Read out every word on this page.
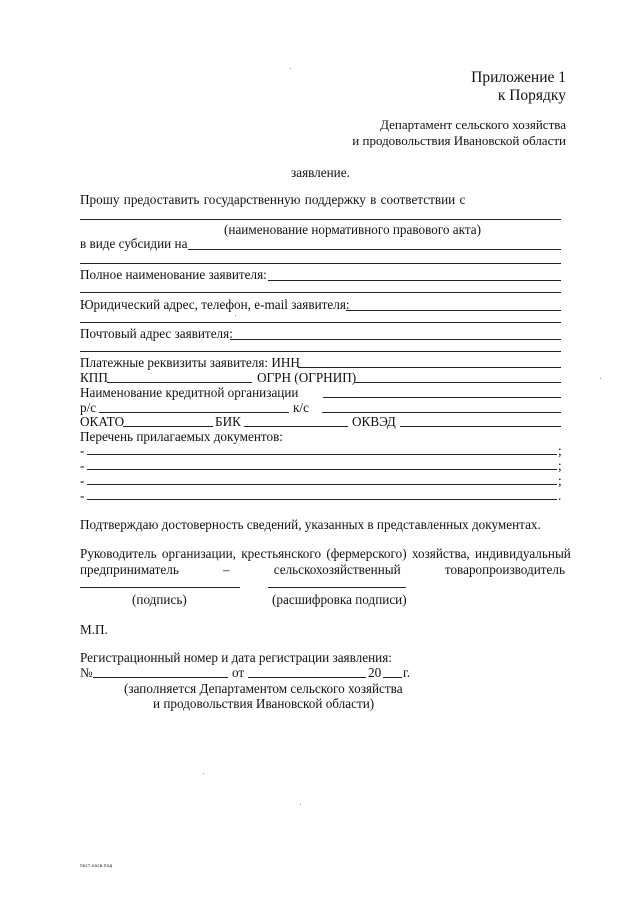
Приложение 1
к Порядку
Департамент сельского хозяйства
и продовольствия Ивановской области
заявление.
Прошу предоставить государственную поддержку в соответствии с
(наименование нормативного правового акта)
в виде субсидии на
Полное наименование заявителя:
Юридический адрес, телефон, e-mail заявителя:
Почтовый адрес заявителя:
Платежные реквизиты заявителя: ИНН
КПП	ОГРН (ОГРНИП)
Наименование кредитной организации
р/с	к/с
ОКАТО	БИК	ОКВЭД
Перечень прилагаемых документов:
-	;
-	;
-	;
-	.
Подтверждаю достоверность сведений, указанных в представленных документах.
Руководитель организации, крестьянского (фермерского) хозяйства, индивидуальный
предприниматель	–	сельскохозяйственный	товаропроизводитель
(подпись)	(расшифровка подписи)
М.П.
Регистрационный номер и дата регистрации заявления:
№	от	20 г.
(заполняется Департаментом сельского хозяйства
и продовольствия Ивановской области)
пост.нaсв.под
